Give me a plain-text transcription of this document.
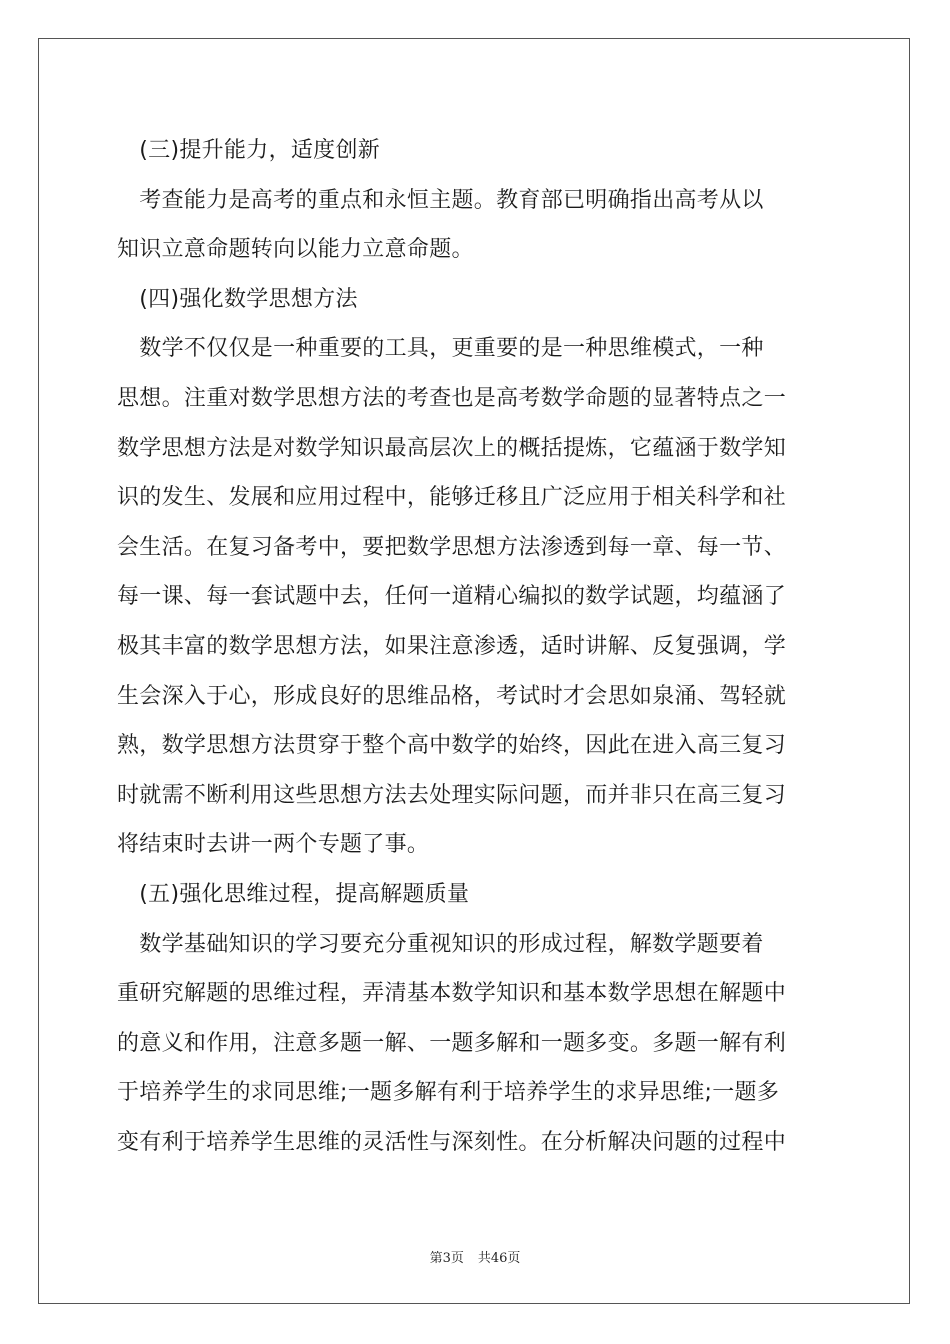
　(三)提升能力，适度创新
　考查能力是高考的重点和永恒主题。教育部已明确指出高考从以
知识立意命题转向以能力立意命题。
　(四)强化数学思想方法
　数学不仅仅是一种重要的工具，更重要的是一种思维模式，一种
思想。注重对数学思想方法的考查也是高考数学命题的显著特点之一
数学思想方法是对数学知识最高层次上的概括提炼，它蕴涵于数学知
识的发生、发展和应用过程中，能够迁移且广泛应用于相关科学和社
会生活。在复习备考中，要把数学思想方法渗透到每一章、每一节、
每一课、每一套试题中去，任何一道精心编拟的数学试题，均蕴涵了
极其丰富的数学思想方法，如果注意渗透，适时讲解、反复强调，学
生会深入于心，形成良好的思维品格，考试时才会思如泉涌、驾轻就
熟，数学思想方法贯穿于整个高中数学的始终，因此在进入高三复习
时就需不断利用这些思想方法去处理实际问题，而并非只在高三复习
将结束时去讲一两个专题了事。
　(五)强化思维过程，提高解题质量
　数学基础知识的学习要充分重视知识的形成过程，解数学题要着
重研究解题的思维过程，弄清基本数学知识和基本数学思想在解题中
的意义和作用，注意多题一解、一题多解和一题多变。多题一解有利
于培养学生的求同思维;一题多解有利于培养学生的求异思维;一题多
变有利于培养学生思维的灵活性与深刻性。在分析解决问题的过程中
第3页 共46页
